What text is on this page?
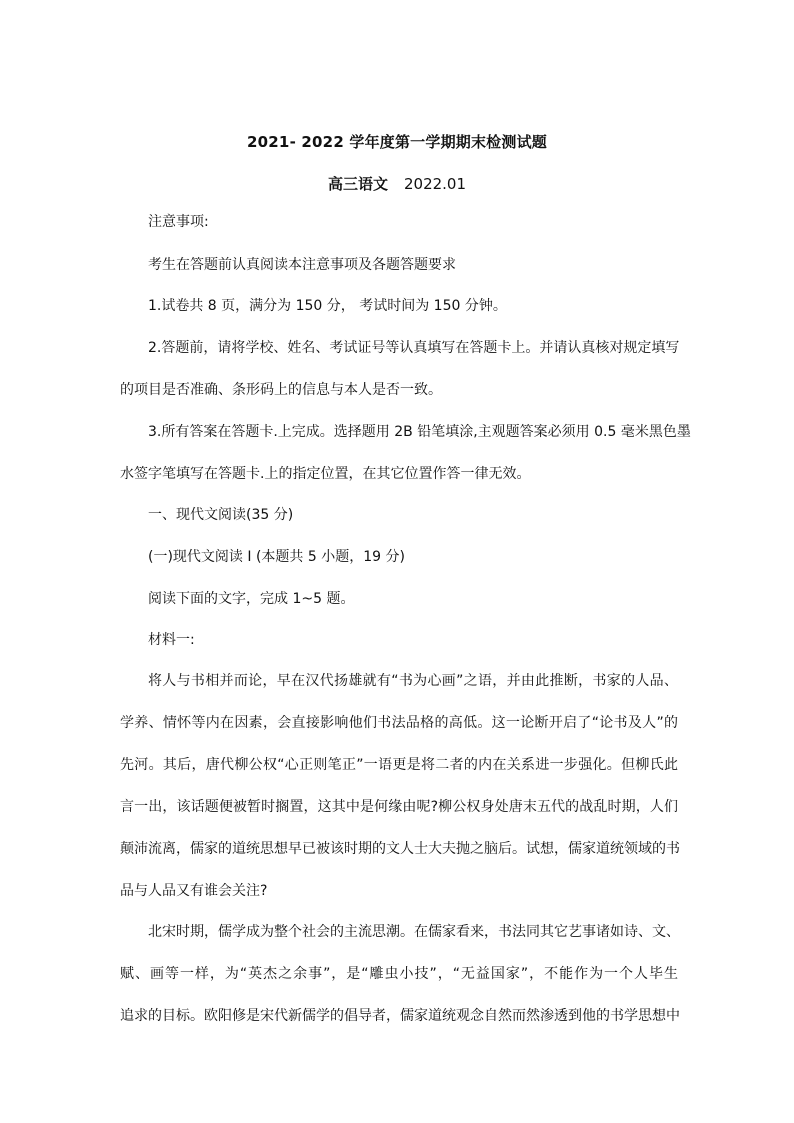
2021- 2022 学年度第一学期期末检测试题
高三语文 2022.01
注意事项:
考生在答题前认真阅读本注意事项及各题答题要求
1.试卷共 8 页，满分为 150 分， 考试时间为 150 分钟。
2.答题前，请将学校、姓名、考试证号等认真填写在答题卡上。并请认真核对规定填写
的项目是否准确、条形码上的信息与本人是否一致。
3.所有答案在答题卡.上完成。选择题用 2B 铅笔填涂,主观题答案必须用 0.5 毫米黑色墨
水签字笔填写在答题卡.上的指定位置，在其它位置作答一律无效。
一、现代文阅读(35 分)
(一)现代文阅读 I (本题共 5 小题，19 分)
阅读下面的文字，完成 1~5 题。
材料一:
将人与书相并而论，早在汉代扬雄就有“书为心画”之语，并由此推断，书家的人品、
学养、情怀等内在因素，会直接影响他们书法品格的高低。这一论断开启了“论书及人”的
先河。其后，唐代柳公权“心正则笔正”一语更是将二者的内在关系进一步强化。但柳氏此
言一出，该话题便被暂时搁置，这其中是何缘由呢?柳公权身处唐末五代的战乱时期，人们
颠沛流离，儒家的道统思想早已被该时期的文人士大夫抛之脑后。试想，儒家道统领域的书
品与人品又有谁会关注?
北宋时期，儒学成为整个社会的主流思潮。在儒家看来，书法同其它艺事诸如诗、文、
赋、画等一样，为“英杰之余事”，是“雕虫小技”，“无益国家”，不能作为一个人毕生
追求的目标。欧阳修是宋代新儒学的倡导者，儒家道统观念自然而然渗透到他的书学思想中
